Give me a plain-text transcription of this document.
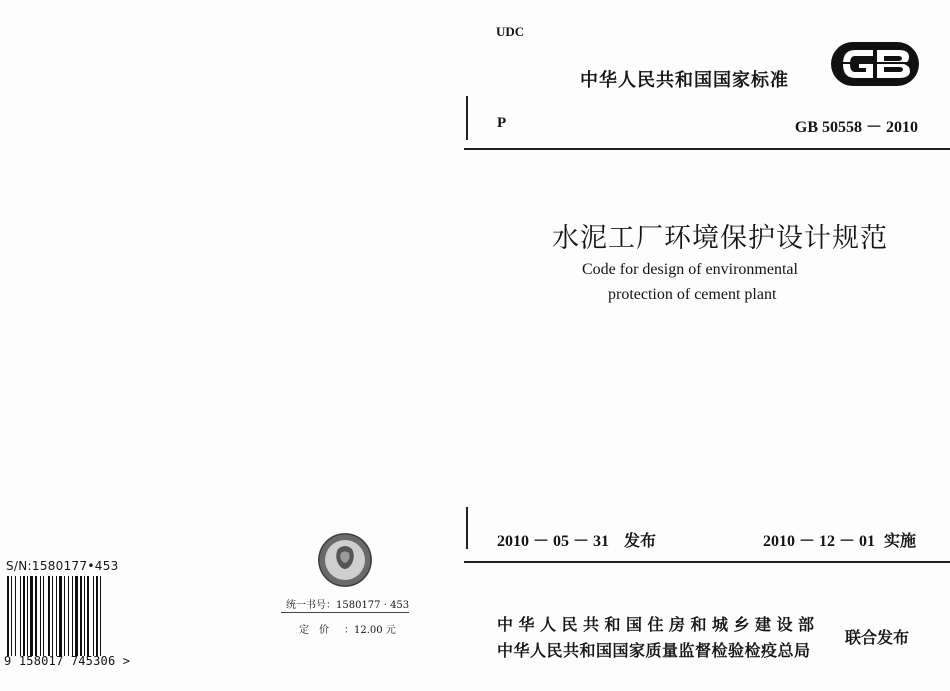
UDC
中华人民共和国国家标准
P	GB 50558 － 2010
水泥工厂环境保护设计规范
Code for design of environmental
protection of cement plant
2010 － 05 － 31 发布	2010 － 12 － 01 实施
中华人民共和国住房和城乡建设部
中华人民共和国国家质量监督检验检疫总局
联合发布
统一书号：1580177 · 453
定价 ：12.00 元
S/N:1580177•453
9 158017 745306 >
